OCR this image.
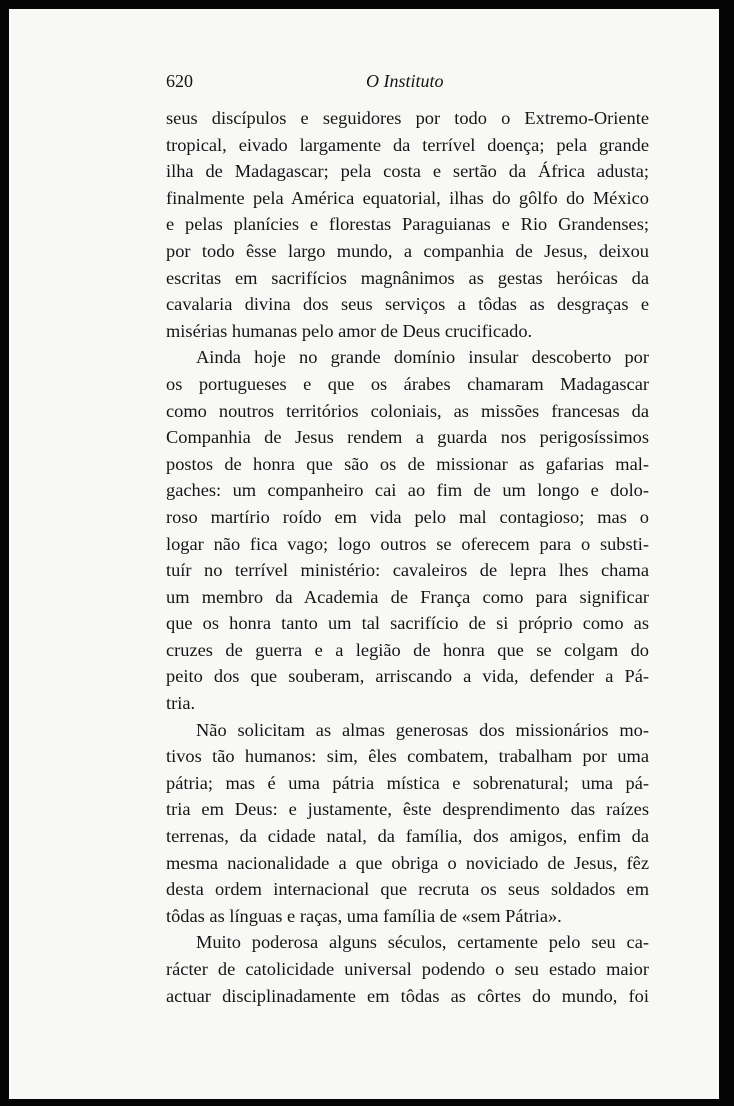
620	O Instituto
seus discípulos e seguidores por todo o Extremo-Oriente
tropical, eivado largamente da terrível doença; pela grande
ilha de Madagascar; pela costa e sertão da África adusta;
finalmente pela América equatorial, ilhas do gôlfo do México
e pelas planícies e florestas Paraguianas e Rio Grandenses;
por todo êsse largo mundo, a companhia de Jesus, deixou
escritas em sacrifícios magnânimos as gestas heróicas da
cavalaria divina dos seus serviços a tôdas as desgraças e
misérias humanas pelo amor de Deus crucificado.
Ainda hoje no grande domínio insular descoberto por
os portugueses e que os árabes chamaram Madagascar
como noutros territórios coloniais, as missões francesas da
Companhia de Jesus rendem a guarda nos perigosíssimos
postos de honra que são os de missionar as gafarias mal-
gaches: um companheiro cai ao fim de um longo e dolo-
roso martírio roído em vida pelo mal contagioso; mas o
logar não fica vago; logo outros se oferecem para o substi-
tuír no terrível ministério: cavaleiros de lepra lhes chama
um membro da Academia de França como para significar
que os honra tanto um tal sacrifício de si próprio como as
cruzes de guerra e a legião de honra que se colgam do
peito dos que souberam, arriscando a vida, defender a Pá-
tria.
Não solicitam as almas generosas dos missionários mo-
tivos tão humanos: sim, êles combatem, trabalham por uma
pátria; mas é uma pátria mística e sobrenatural; uma pá-
tria em Deus: e justamente, êste desprendimento das raízes
terrenas, da cidade natal, da família, dos amigos, enfim da
mesma nacionalidade a que obriga o noviciado de Jesus, fêz
desta ordem internacional que recruta os seus soldados em
tôdas as línguas e raças, uma família de «sem Pátria».
Muito poderosa alguns séculos, certamente pelo seu ca-
rácter de catolicidade universal podendo o seu estado maior
actuar disciplinadamente em tôdas as côrtes do mundo, foi
